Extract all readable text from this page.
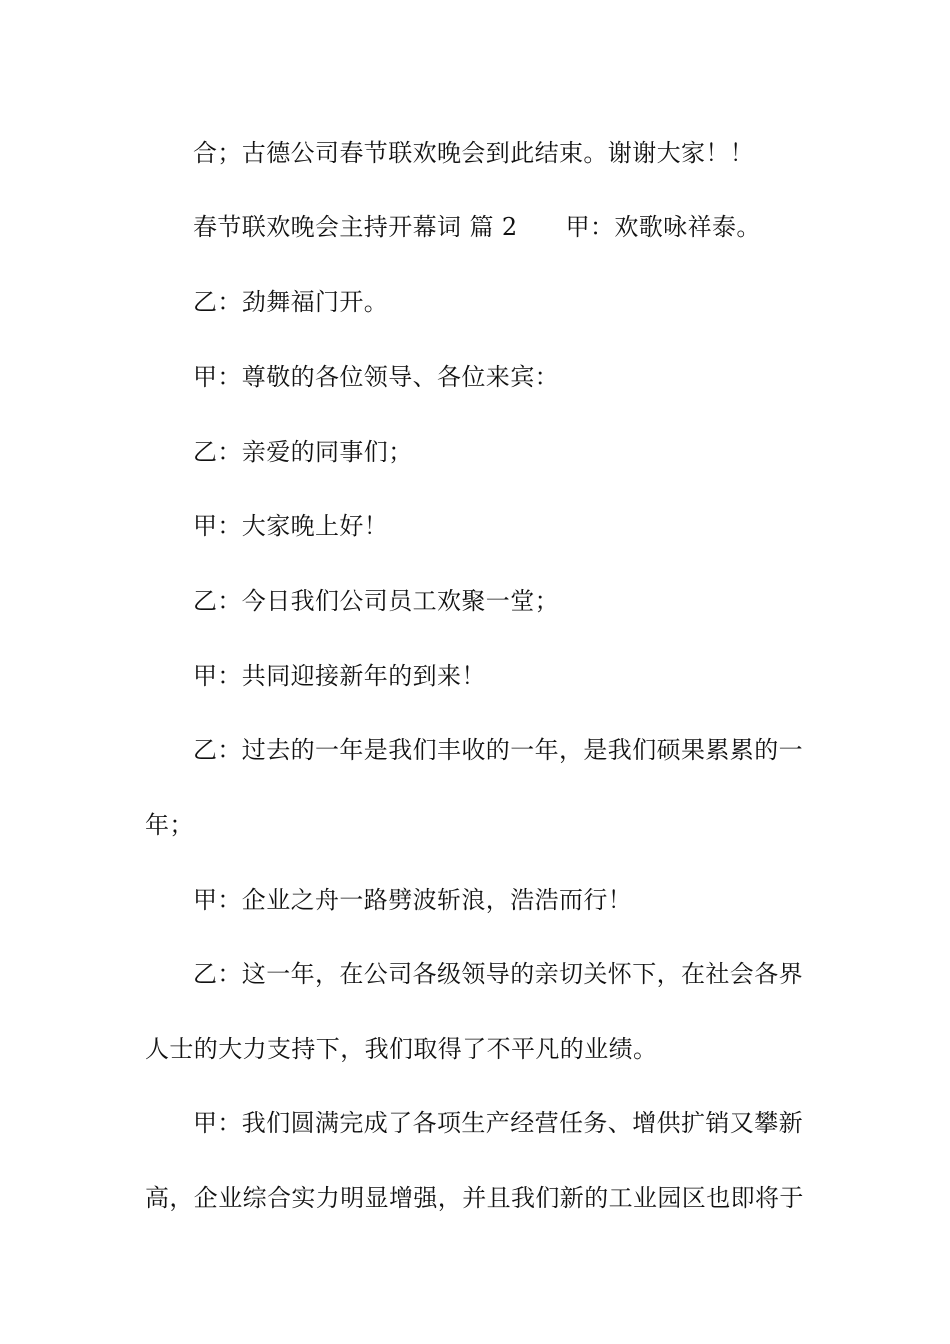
合；古德公司春节联欢晚会到此结束。谢谢大家！！
春节联欢晚会主持开幕词 篇 2 甲：欢歌咏祥泰。
乙：劲舞福门开。
甲：尊敬的各位领导、各位来宾：
乙：亲爱的同事们；
甲：大家晚上好！
乙：今日我们公司员工欢聚一堂；
甲：共同迎接新年的到来！
乙：过去的一年是我们丰收的一年，是我们硕果累累的一
年；
甲：企业之舟一路劈波斩浪，浩浩而行！
乙：这一年，在公司各级领导的亲切关怀下，在社会各界
人士的大力支持下，我们取得了不平凡的业绩。
甲：我们圆满完成了各项生产经营任务、增供扩销又攀新
高，企业综合实力明显增强，并且我们新的工业园区也即将于
